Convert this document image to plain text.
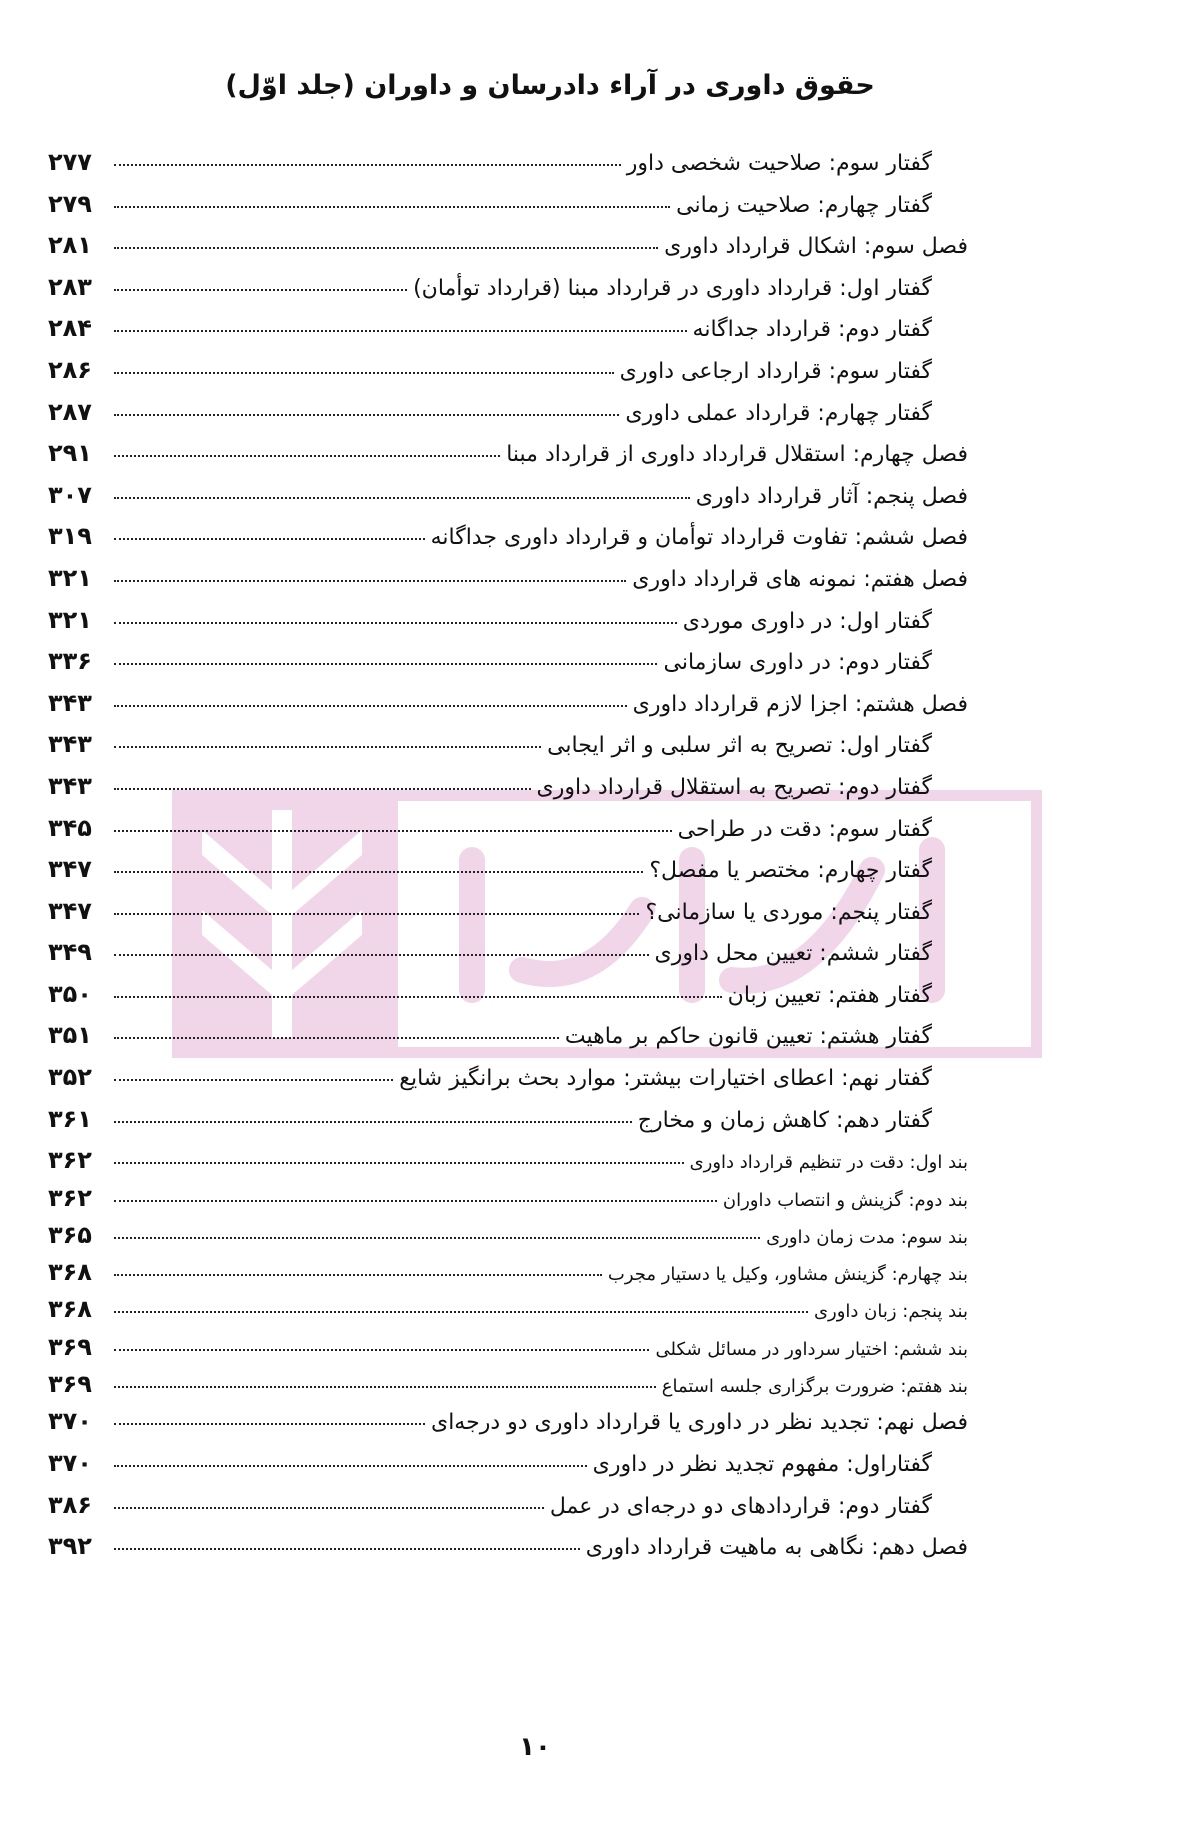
حقوق داوری در آراء دادرسان و داوران (جلد اوّل)
گفتار سوم: صلاحیت شخصی داور
۲۷۷
گفتار چهارم: صلاحیت زمانی
۲۷۹
فصل سوم: اشکال قرارداد داوری
۲۸۱
گفتار اول: قرارداد داوری در قرارداد مبنا (قرارداد توأمان)
۲۸۳
گفتار دوم: قرارداد جداگانه
۲۸۴
گفتار سوم: قرارداد ارجاعی داوری
۲۸۶
گفتار چهارم: قرارداد عملی داوری
۲۸۷
فصل چهارم: استقلال قرارداد داوری از قرارداد مبنا
۲۹۱
فصل پنجم: آثار قرارداد داوری
۳۰۷
فصل ششم: تفاوت قرارداد توأمان و قرارداد داوری جداگانه
۳۱۹
فصل هفتم: نمونه های قرارداد داوری
۳۲۱
گفتار اول: در داوری موردی
۳۲۱
گفتار دوم: در داوری سازمانی
۳۳۶
فصل هشتم: اجزا لازم قرارداد داوری
۳۴۳
گفتار اول: تصریح به اثر سلبی و اثر ایجابی
۳۴۳
گفتار دوم: تصریح به استقلال قرارداد داوری
۳۴۳
گفتار سوم: دقت در طراحی
۳۴۵
گفتار چهارم: مختصر یا مفصل؟
۳۴۷
گفتار پنجم: موردی یا سازمانی؟
۳۴۷
گفتار ششم: تعیین محل داوری
۳۴۹
گفتار هفتم: تعیین زبان
۳۵۰
گفتار هشتم: تعیین قانون حاکم بر ماهیت
۳۵۱
گفتار نهم: اعطای اختیارات بیشتر: موارد بحث برانگیز شایع
۳۵۲
گفتار دهم: کاهش زمان و مخارج
۳۶۱
بند اول: دقت در تنظیم قرارداد داوری
۳۶۲
بند دوم: گزینش و انتصاب داوران
۳۶۲
بند سوم: مدت زمان داوری
۳۶۵
بند چهارم: گزینش مشاور، وکیل یا دستیار مجرب
۳۶۸
بند پنجم: زبان داوری
۳۶۸
بند ششم: اختیار سرداور در مسائل شکلی
۳۶۹
بند هفتم: ضرورت برگزاری جلسه استماع
۳۶۹
فصل نهم: تجدید نظر در داوری یا قرارداد داوری دو درجه‌ای
۳۷۰
گفتاراول: مفهوم تجدید نظر در داوری
۳۷۰
گفتار دوم: قراردادهای دو درجه‌ای در عمل
۳۸۶
فصل دهم: نگاهی به ماهیت قرارداد داوری
۳۹۲
۱۰
